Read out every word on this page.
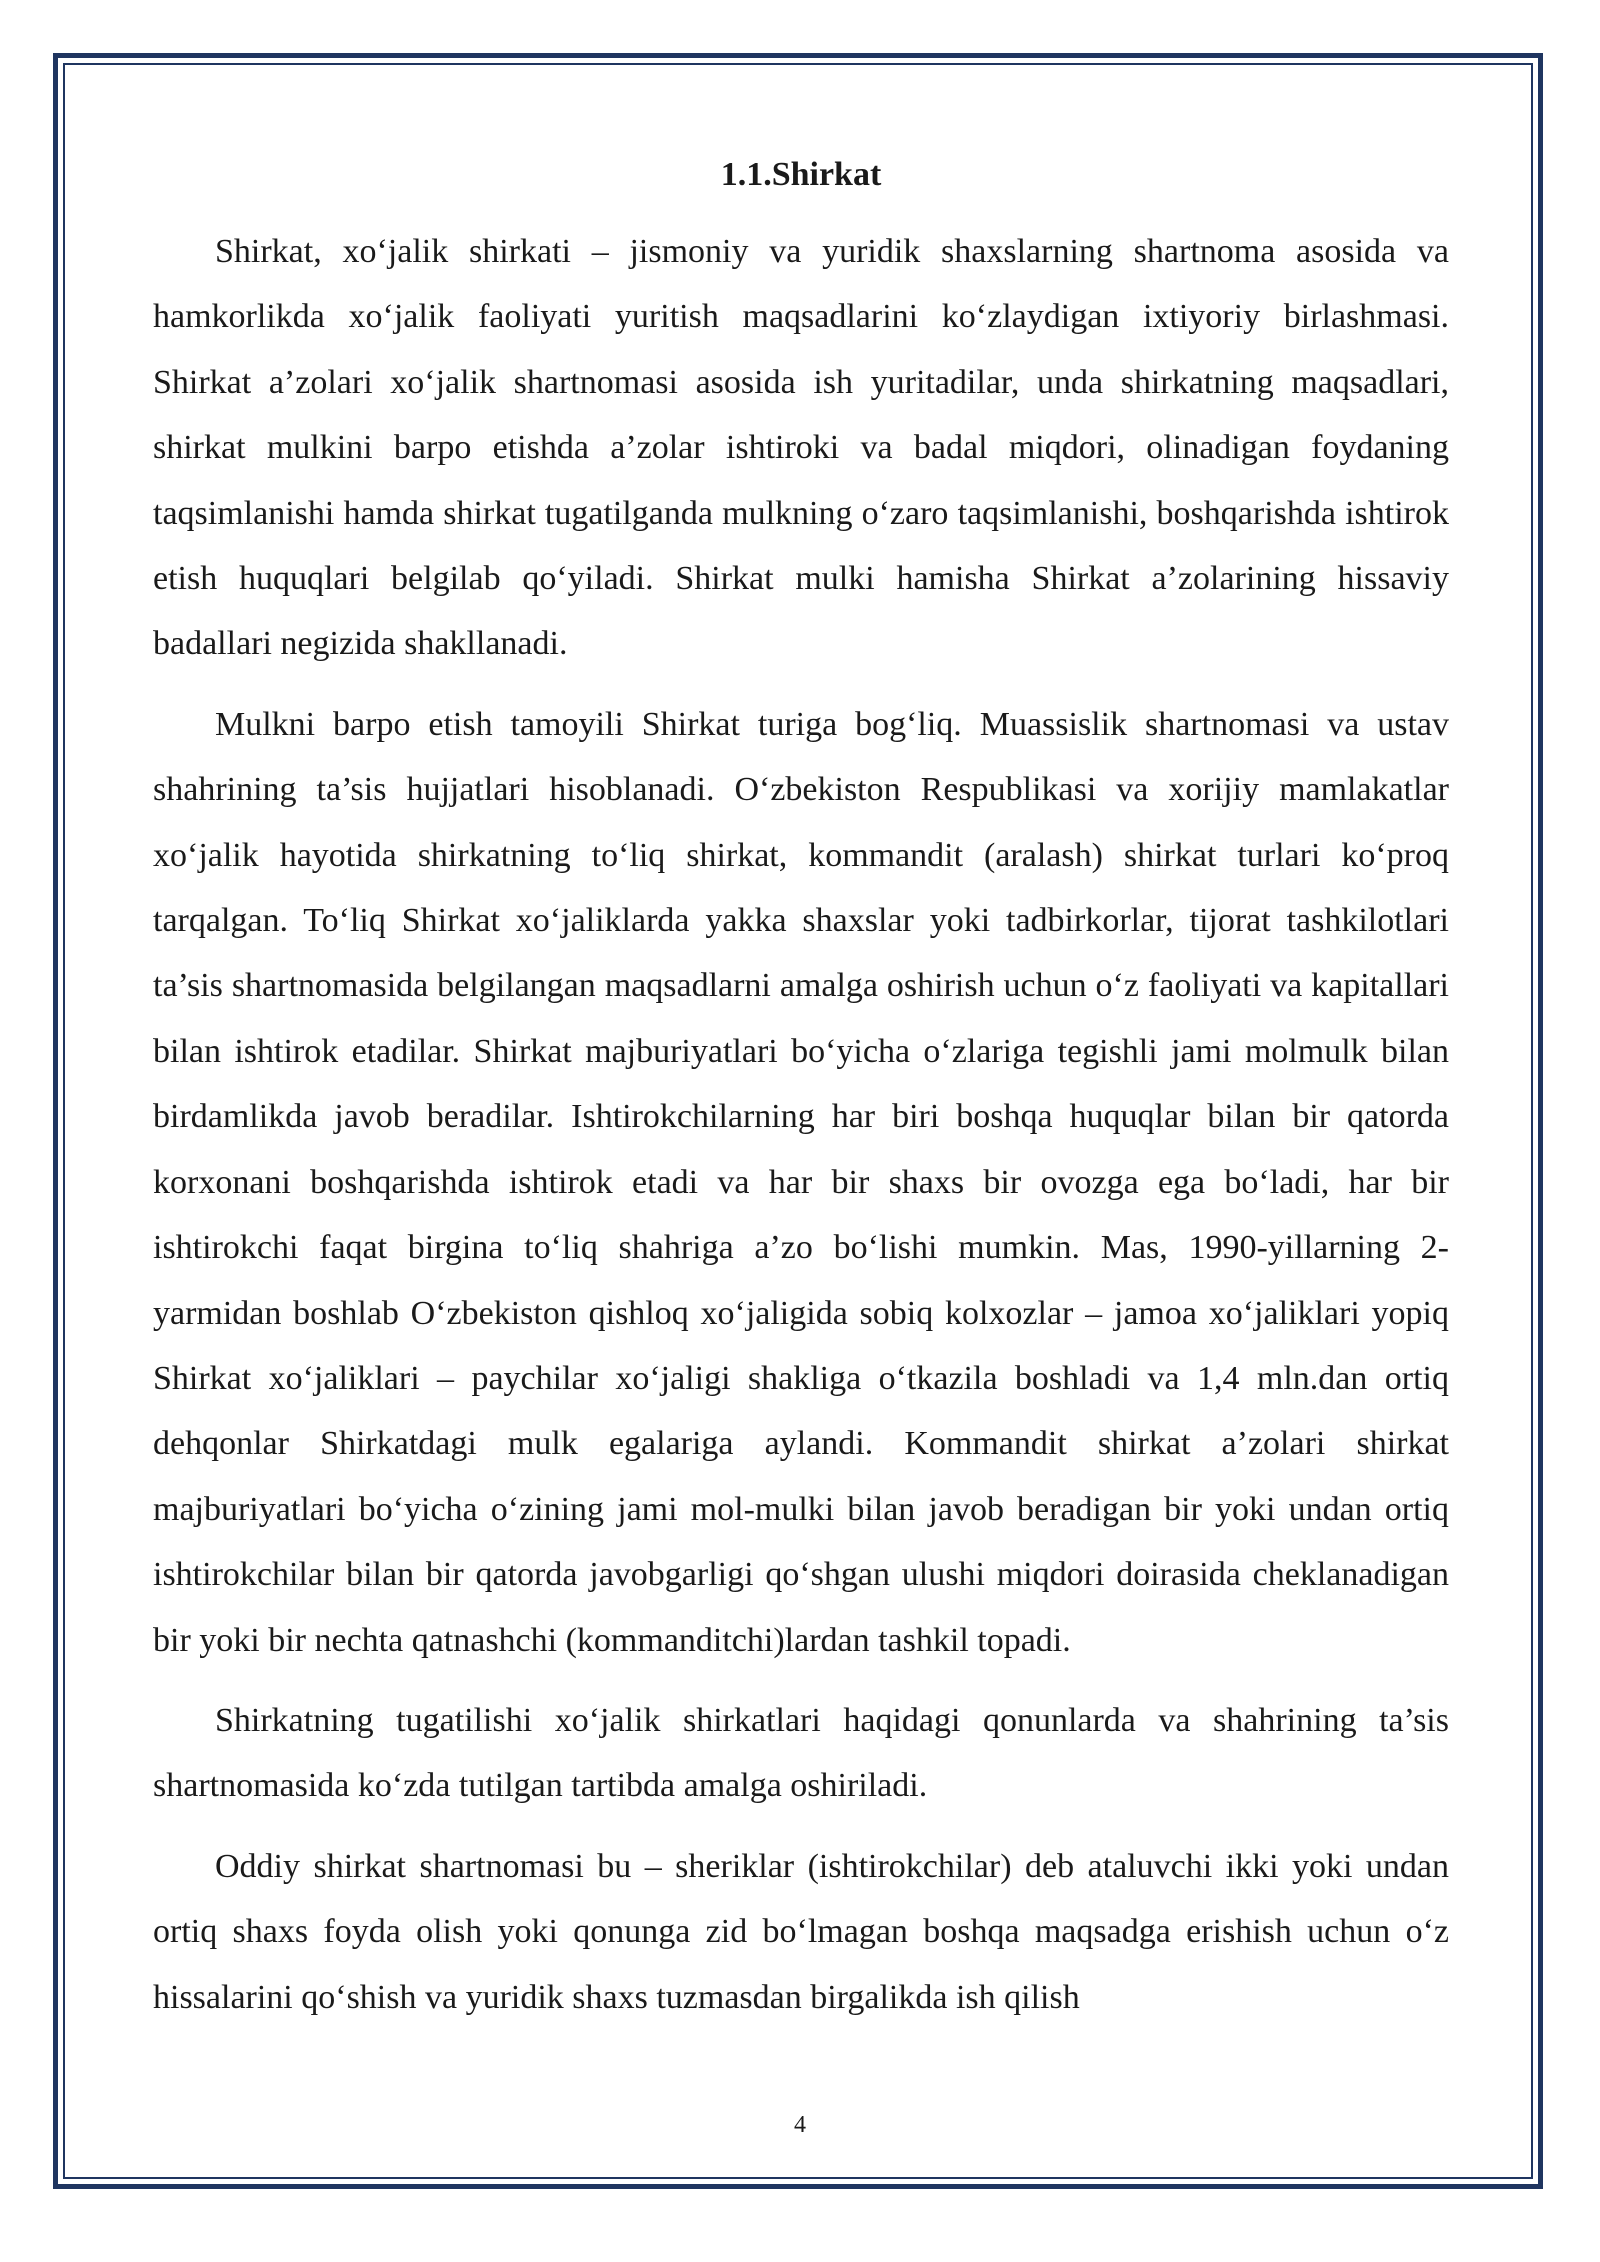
1.1.Shirkat

Shirkat, xoʻjalik shirkati – jismoniy va yuridik shaxslarning shartnoma asosida va hamkorlikda xoʻjalik faoliyati yuritish maqsadlarini koʻzlaydigan ixtiyoriy birlashmasi. Shirkat a’zolari xoʻjalik shartnomasi asosida ish yuritadilar, unda shirkatning maqsadlari, shirkat mulkini barpo etishda a’zolar ishtiroki va badal miqdori, olinadigan foydaning taqsimlanishi hamda shirkat tugatilganda mulkning oʻzaro taqsimlanishi, boshqarishda ishtirok etish huquqlari belgilab qoʻyiladi. Shirkat mulki hamisha Shirkat a’zolarining hissaviy badallari negizida shakllanadi.

Mulkni barpo etish tamoyili Shirkat turiga bogʻliq. Muassislik shartnomasi va ustav shahrining ta’sis hujjatlari hisoblanadi. Oʻzbekiston Respublikasi va xorijiy mamlakatlar xoʻjalik hayotida shirkatning toʻliq shirkat, kommandit (aralash) shirkat turlari koʻproq tarqalgan. Toʻliq Shirkat xoʻjaliklarda yakka shaxslar yoki tadbirkorlar, tijorat tashkilotlari ta’sis shartnomasida belgilangan maqsadlarni amalga oshirish uchun oʻz faoliyati va kapitallari bilan ishtirok etadilar. Shirkat majburiyatlari boʻyicha oʻzlariga tegishli jami molmulk bilan birdamlikda javob beradilar. Ishtirokchilarning har biri boshqa huquqlar bilan bir qatorda korxonani boshqarishda ishtirok etadi va har bir shaxs bir ovozga ega boʻladi, har bir ishtirokchi faqat birgina toʻliq shahriga a’zo boʻlishi mumkin. Mas, 1990-yillarning 2-yarmidan boshlab Oʻzbekiston qishloq xoʻjaligida sobiq kolxozlar – jamoa xoʻjaliklari yopiq Shirkat xoʻjaliklari – paychilar xoʻjaligi shakliga oʻtkazila boshladi va 1,4 mln.dan ortiq dehqonlar Shirkatdagi mulk egalariga aylandi. Kommandit shirkat a’zolari shirkat majburiyatlari boʻyicha oʻzining jami mol-mulki bilan javob beradigan bir yoki undan ortiq ishtirokchilar bilan bir qatorda javobgarligi qoʻshgan ulushi miqdori doirasida cheklanadigan bir yoki bir nechta qatnashchi (kommanditchi)lardan tashkil topadi.

Shirkatning tugatilishi xoʻjalik shirkatlari haqidagi qonunlarda va shahrining ta’sis shartnomasida koʻzda tutilgan tartibda amalga oshiriladi.

Oddiy shirkat shartnomasi bu – sheriklar (ishtirokchilar) deb ataluvchi ikki yoki undan ortiq shaxs foyda olish yoki qonunga zid boʻlmagan boshqa maqsadga erishish uchun oʻz hissalarini qoʻshish va yuridik shaxs tuzmasdan birgalikda ish qilish

4
